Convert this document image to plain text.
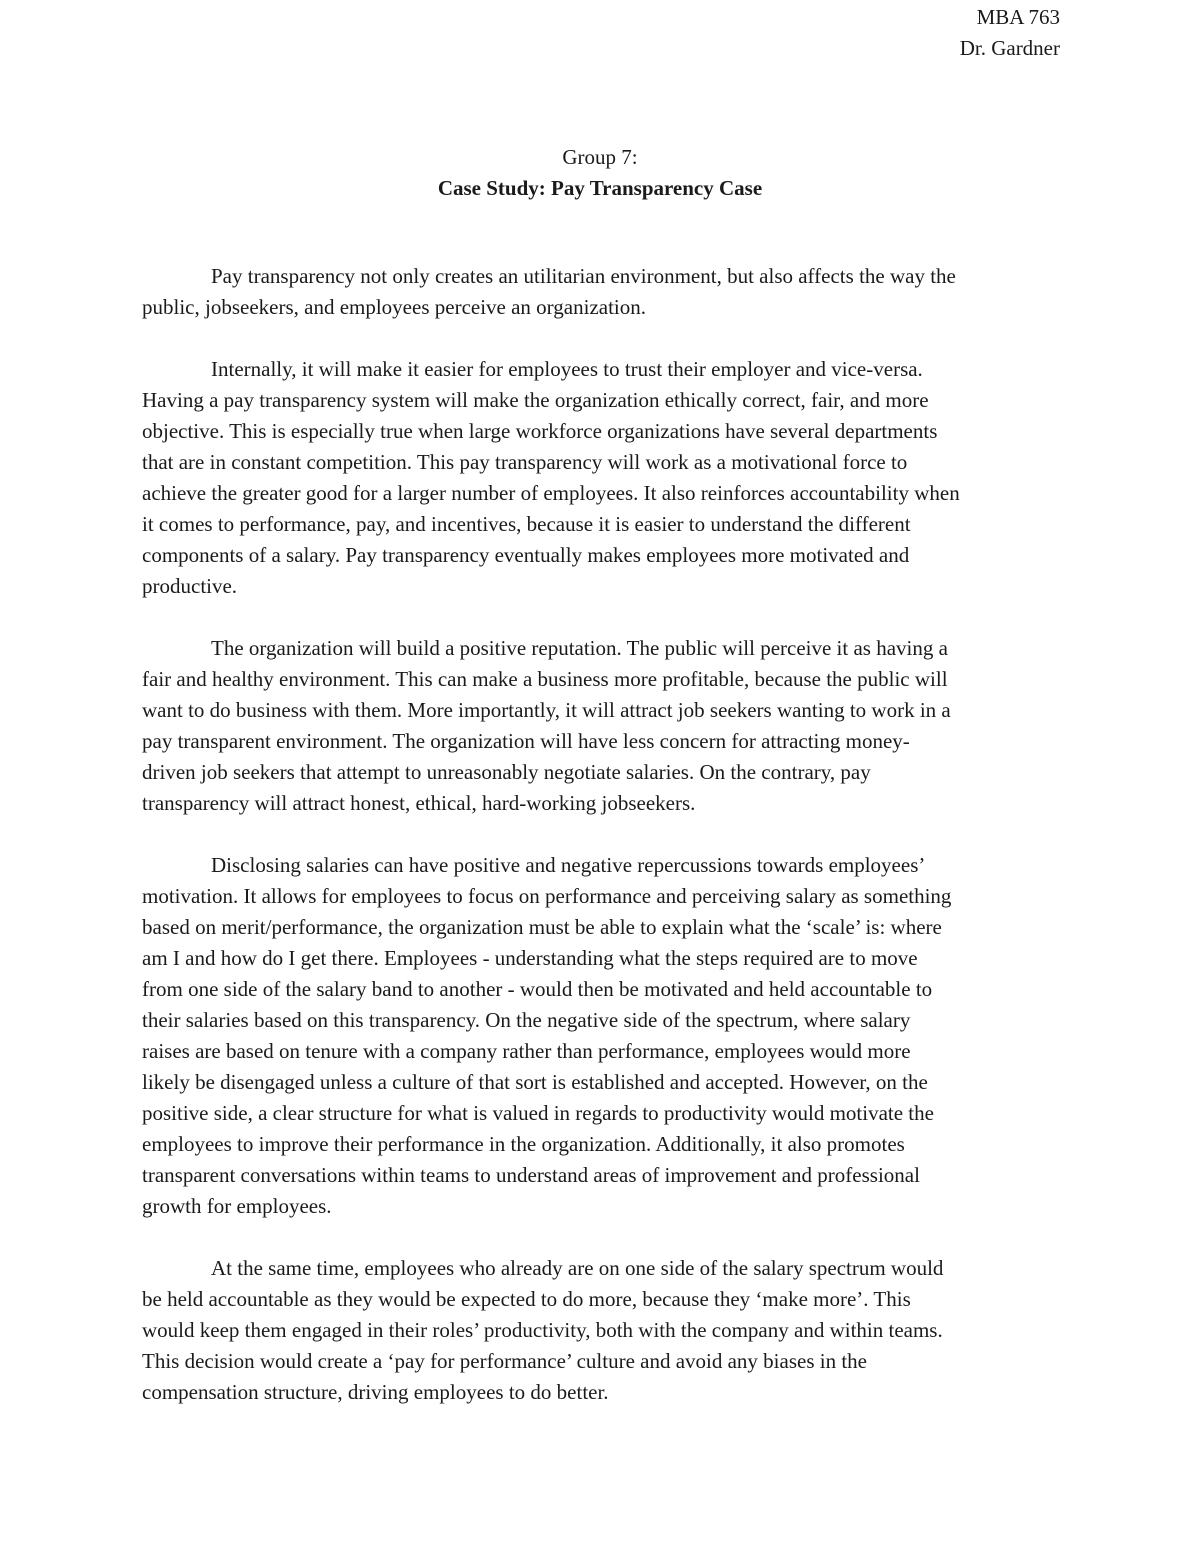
MBA 763
Dr. Gardner
Group 7:
Case Study: Pay Transparency Case

Pay transparency not only creates an utilitarian environment, but also affects the way the
public, jobseekers, and employees perceive an organization.

Internally, it will make it easier for employees to trust their employer and vice-versa.
Having a pay transparency system will make the organization ethically correct, fair, and more
objective. This is especially true when large workforce organizations have several departments
that are in constant competition. This pay transparency will work as a motivational force to
achieve the greater good for a larger number of employees. It also reinforces accountability when
it comes to performance, pay, and incentives, because it is easier to understand the different
components of a salary. Pay transparency eventually makes employees more motivated and
productive.

The organization will build a positive reputation. The public will perceive it as having a
fair and healthy environment. This can make a business more profitable, because the public will
want to do business with them. More importantly, it will attract job seekers wanting to work in a
pay transparent environment. The organization will have less concern for attracting money-
driven job seekers that attempt to unreasonably negotiate salaries. On the contrary, pay
transparency will attract honest, ethical, hard-working jobseekers.

Disclosing salaries can have positive and negative repercussions towards employees’
motivation. It allows for employees to focus on performance and perceiving salary as something
based on merit/performance, the organization must be able to explain what the ‘scale’ is: where
am I and how do I get there. Employees - understanding what the steps required are to move
from one side of the salary band to another - would then be motivated and held accountable to
their salaries based on this transparency. On the negative side of the spectrum, where salary
raises are based on tenure with a company rather than performance, employees would more
likely be disengaged unless a culture of that sort is established and accepted. However, on the
positive side, a clear structure for what is valued in regards to productivity would motivate the
employees to improve their performance in the organization. Additionally, it also promotes
transparent conversations within teams to understand areas of improvement and professional
growth for employees.

At the same time, employees who already are on one side of the salary spectrum would
be held accountable as they would be expected to do more, because they ‘make more’. This
would keep them engaged in their roles’ productivity, both with the company and within teams.
This decision would create a ‘pay for performance’ culture and avoid any biases in the
compensation structure, driving employees to do better.
